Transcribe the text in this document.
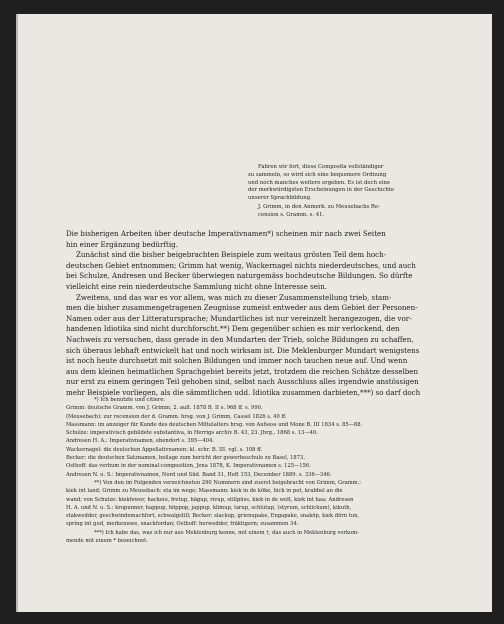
Fahren wir fort, diese Composita vollständiger
zu sammeln, so wird sich eine bequemere Ordnung
und noch manches weitere ergeben. Es ist doch eine
der merkwürdigsten Erscheinungen in der Geschichte
unserer Sprachbildung.
J. Grimm, in den Anmerk. zu Meusebachs Re-
cension s. Gramm. s. 41.
Die bisherigen Arbeiten über deutsche Imperativnamen*) scheinen mir nach zwei Seiten
hin einer Ergänzung bedürftig.
Zunächst sind die bisher beigebrachten Beispiele zum weitaus grösten Teil dem hoch-
deutschen Gebiet entnommen; Grimm hat wenig, Wackernagel nichts niederdeutsches, und auch
bei Schulze, Andresen und Becker überwiegen naturgemäss hochdeutsche Bildungen. So dürfte
vielleicht eine rein niederdeutsche Sammlung nicht ohne Interesse sein.
Zweitens, und das war es vor allem, was mich zu dieser Zusammenstellung trieb, stam-
men die bisher zusammengetragenen Zeugnisse zumeist entweder aus dem Gebiet der Personen-
Namen oder aus der Litteratursprache; Mundartliches ist nur vereinzelt herangezogen, die vor-
handenen Idiotika sind nicht durchforscht.**) Dem gegenüber schien es mir verlockend, den
Nachweis zu versuchen, dass gerade in den Mundarten der Trieb, solche Bildungen zu schaffen,
sich überaus lebhaft entwickelt hat und noch wirksam ist. Die Meklenburger Mundart wenigstens
ist noch heute durchsetzt mit solchen Bildungen und immer noch tauchen neue auf. Und wenn
aus dem kleinen heimatlichen Sprachgebiet bereits jetzt, trotzdem die reichen Schätze desselben
nur erst zu einem geringen Teil gehoben sind, selbst nach Ausschluss alles irgendwie anstössigen
mehr Beispiele vorliegen, als die sämmtlichen udd. Idiotika zusammen darbieten,***) so darf doch
*) Ich benutzte und citiere:
Grimm: deutsche Gramm. von J. Grimm, 2. aufl. 1878 B. II s. 968 ff. s. 990.
(Meusebach): zur recension der d. Gramm. hrsg. von J. Grimm, Cassel 1826 s. 40 ff.
Massmann: im anzeiger für Kunde des deutschen Mittelalters hrsg. von Aufsess und Mone B. III 1834 s. 85—88.
Schulze: imperativisch gebildete substantiva, in Herrigs archiv B. 43, 23. Jhrg., 1868 s. 13—40.
Andresen H. A.: Imperativnamen, ebendort s. 395—404.
Wackernagel: die deutschen Appellativnamen: kl. schr. B. III. vgl. s. 108 ff.
Becker: die deutschen Satznamen, beilage zum bericht der gewerbeschule zu Basel, 1873.
Osthoff: das verbum in der nominal-composition, Jena 1878, K. Imperativnamen s. 125—156.
Andresen N. u. S.: Imperativnamen, Nord und Süd. Band 31, Heft 153, December 1889. s. 336—346.
**) Von den im Folgenden verzeichneten 290 Nummern sind zuerst beigebracht von Grimm, Gramm.:
kiek int land; Grimm zu Meusebach: eta im wege; Massmann: kiek in de köke, hick in pot, krabbel an die
wand; von Schulze: kiekfewer, hackeio, fretup, hägup, rivup, stillpüss, kiek in de welt, kiek int haa; Andresen
H. A. und N. u. S.: krupunner, happup, höppop, jappup, klimup, larup, schlutup, (styrum, schlickum), kikuth,
stakwedder, geschwindemachfort, schwalgstill; Becker: slackup, grienupake, Engapake, snaköp, kiek dörn tun,
spring int gud, merkenuwe, snackfordan; Osthoff: herwedder, fräktigern; zusammen 34.
***) Ich habe das, was ich nur aus Meklenburg kenne, mit einem †, das auch in Meklenburg vorkom-
mende mit einem * bezeichnet.
